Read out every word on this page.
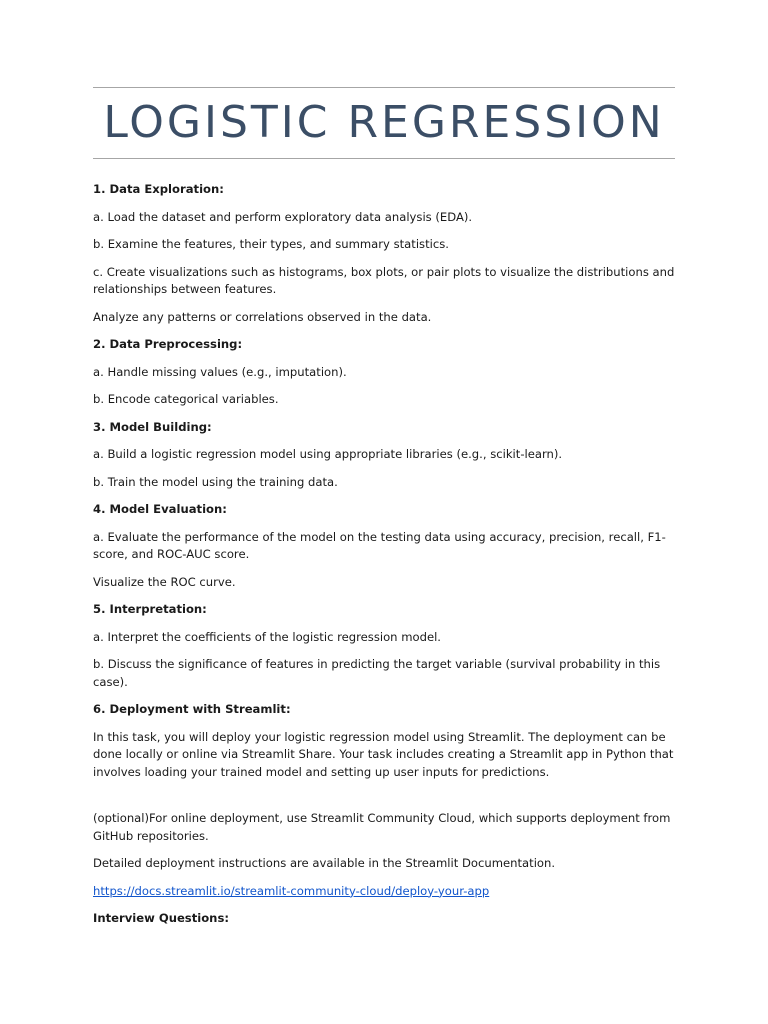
LOGISTIC REGRESSION

1. Data Exploration:

a. Load the dataset and perform exploratory data analysis (EDA).

b. Examine the features, their types, and summary statistics.

c. Create visualizations such as histograms, box plots, or pair plots to visualize the distributions and relationships between features.

Analyze any patterns or correlations observed in the data.

2. Data Preprocessing:

a. Handle missing values (e.g., imputation).

b. Encode categorical variables.

3. Model Building:

a. Build a logistic regression model using appropriate libraries (e.g., scikit-learn).

b. Train the model using the training data.

4. Model Evaluation:

a. Evaluate the performance of the model on the testing data using accuracy, precision, recall, F1-score, and ROC-AUC score.

Visualize the ROC curve.

5. Interpretation:

a. Interpret the coefficients of the logistic regression model.

b. Discuss the significance of features in predicting the target variable (survival probability in this case).

6. Deployment with Streamlit:

In this task, you will deploy your logistic regression model using Streamlit. The deployment can be done locally or online via Streamlit Share. Your task includes creating a Streamlit app in Python that involves loading your trained model and setting up user inputs for predictions.

(optional)For online deployment, use Streamlit Community Cloud, which supports deployment from GitHub repositories.

Detailed deployment instructions are available in the Streamlit Documentation.

https://docs.streamlit.io/streamlit-community-cloud/deploy-your-app

Interview Questions:
